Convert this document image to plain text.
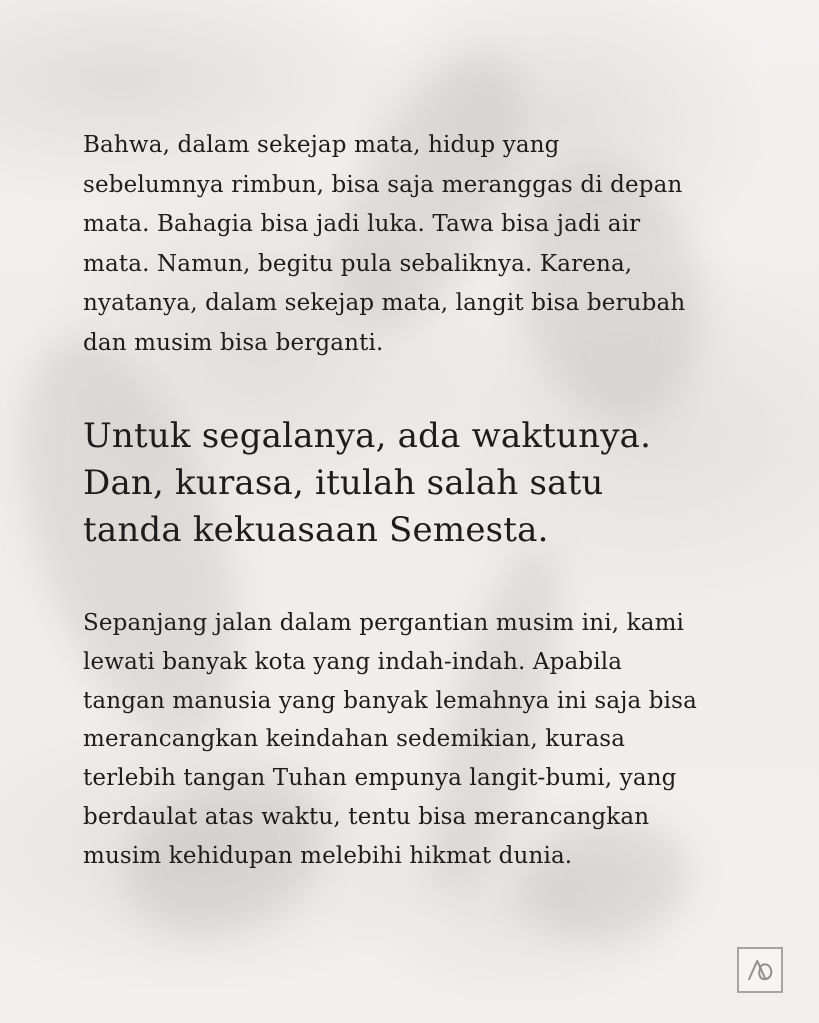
Bahwa, dalam sekejap mata, hidup yang
sebelumnya rimbun, bisa saja meranggas di depan
mata. Bahagia bisa jadi luka. Tawa bisa jadi air
mata. Namun, begitu pula sebaliknya. Karena,
nyatanya, dalam sekejap mata, langit bisa berubah
dan musim bisa berganti.
Untuk segalanya, ada waktunya.
Dan, kurasa, itulah salah satu
tanda kekuasaan Semesta.
Sepanjang jalan dalam pergantian musim ini, kami
lewati banyak kota yang indah-indah. Apabila
tangan manusia yang banyak lemahnya ini saja bisa
merancangkan keindahan sedemikian, kurasa
terlebih tangan Tuhan empunya langit-bumi, yang
berdaulat atas waktu, tentu bisa merancangkan
musim kehidupan melebihi hikmat dunia.
